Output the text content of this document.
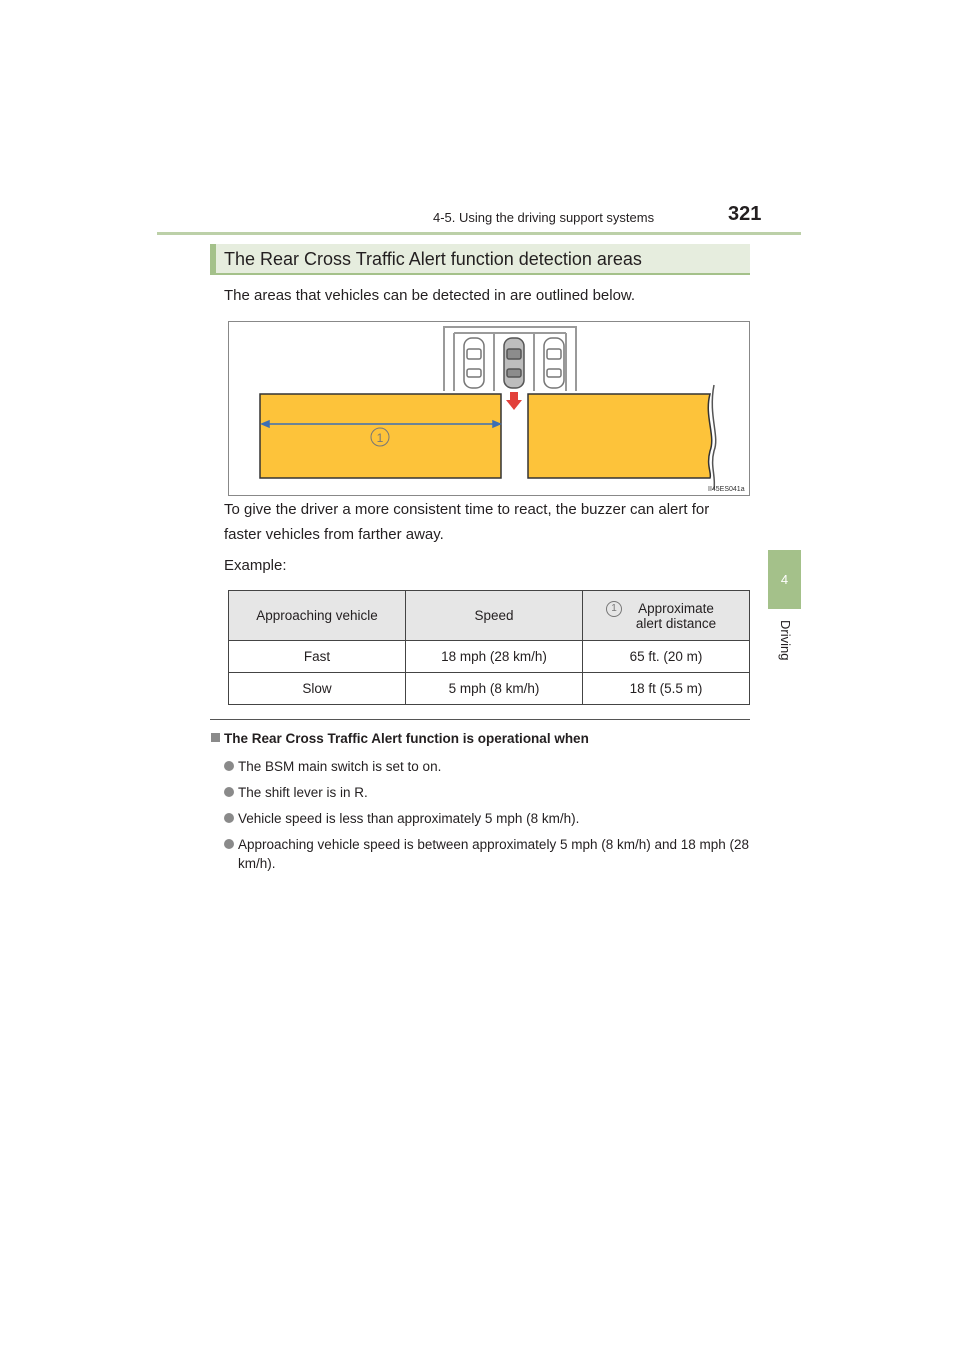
4-5. Using the driving support systems	321
4
Driving
The Rear Cross Traffic Alert function detection areas
The areas that vehicles can be detected in are outlined below.
1
II45ES041a
To give the driver a more consistent time to react, the buzzer can alert for faster vehicles from farther away.
Example:
Approaching vehicle	Speed	1 Approximate alert distance
Fast	18 mph (28 km/h)	65 ft. (20 m)
Slow	5 mph (8 km/h)	18 ft (5.5 m)
The Rear Cross Traffic Alert function is operational when
The BSM main switch is set to on.
The shift lever is in R.
Vehicle speed is less than approximately 5 mph (8 km/h).
Approaching vehicle speed is between approximately 5 mph (8 km/h) and 18 mph (28 km/h).
